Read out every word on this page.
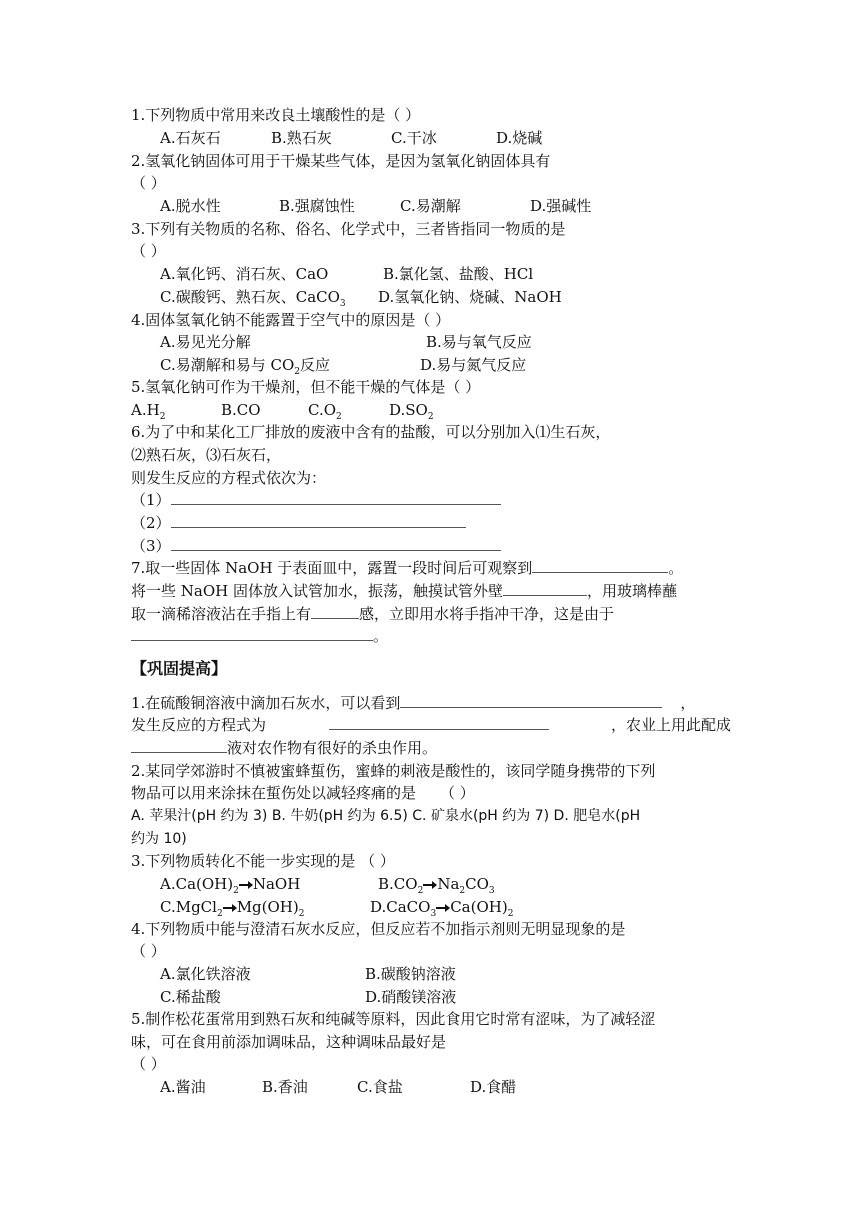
1.下列物质中常用来改良土壤酸性的是（ ）
A.石灰石	B.熟石灰	C.干冰	D.烧碱
2.氢氧化钠固体可用于干燥某些气体，是因为氢氧化钠固体具有
（ ）
A.脱水性	B.强腐蚀性	C.易潮解	D.强碱性
3.下列有关物质的名称、俗名、化学式中，三者皆指同一物质的是
（ ）
A.氧化钙、消石灰、CaO	B.氯化氢、盐酸、HCl
C.碳酸钙、熟石灰、CaCO$_3$ D.氢氧化钠、烧碱、NaOH
4.固体氢氧化钠不能露置于空气中的原因是（ ）
A.易见光分解	B.易与氧气反应
C.易潮解和易与 $CO_2$反应	D.易与氮气反应
5.氢氧化钠可作为干燥剂，但不能干燥的气体是（ ）
$A.H_2$	B.CO	$C.O_2$	$D.SO_2$
6.为了中和某化工厂排放的废液中含有的盐酸，可以分别加入⑴生石灰，
⑵熟石灰，⑶石灰石，
则发生反应的方程式依次为：
（1）
（2）
（3）
7.取一些固体 NaOH 于表面皿中，露置一段时间后可观察到	。
将一些 NaOH 固体放入试管加水，振荡，触摸试管外壁	，用玻璃棒蘸
取一滴稀溶液沾在手指上有	感，立即用水将手指冲干净，这是由于
。
【巩固提高】
1.在硫酸铜溶液中滴加石灰水，可以看到	，
发生反应的方程式为	，农业上用此配成
液对农作物有很好的杀虫作用。
2.某同学郊游时不慎被蜜蜂蜇伤，蜜蜂的刺液是酸性的，该同学随身携带的下列
物品可以用来涂抹在蜇伤处以减轻疼痛的是 （ ）
A. 苹果汁(pH 约为 3) B. 牛奶(pH 约为 6.5) C. 矿泉水(pH 约为 7) D. 肥皂水(pH
约为 10)
3.下列物质转化不能一步实现的是 （ ）
$A.Ca(OH)_2$ NaOH	$B.CO_2$ $Na_2CO_3$
C.MgCl$_2$ $Mg(OH)_2$	D.CaCO$_3$ $Ca(OH)_2$
4.下列物质中能与澄清石灰水反应，但反应若不加指示剂则无明显现象的是
（ ）
A.氯化铁溶液	B.碳酸钠溶液
C.稀盐酸	D.硝酸镁溶液
5.制作松花蛋常用到熟石灰和纯碱等原料，因此食用它时常有涩味，为了减轻涩
味，可在食用前添加调味品，这种调味品最好是
（ ）
A.酱油	B.香油	C.食盐	D.食醋
